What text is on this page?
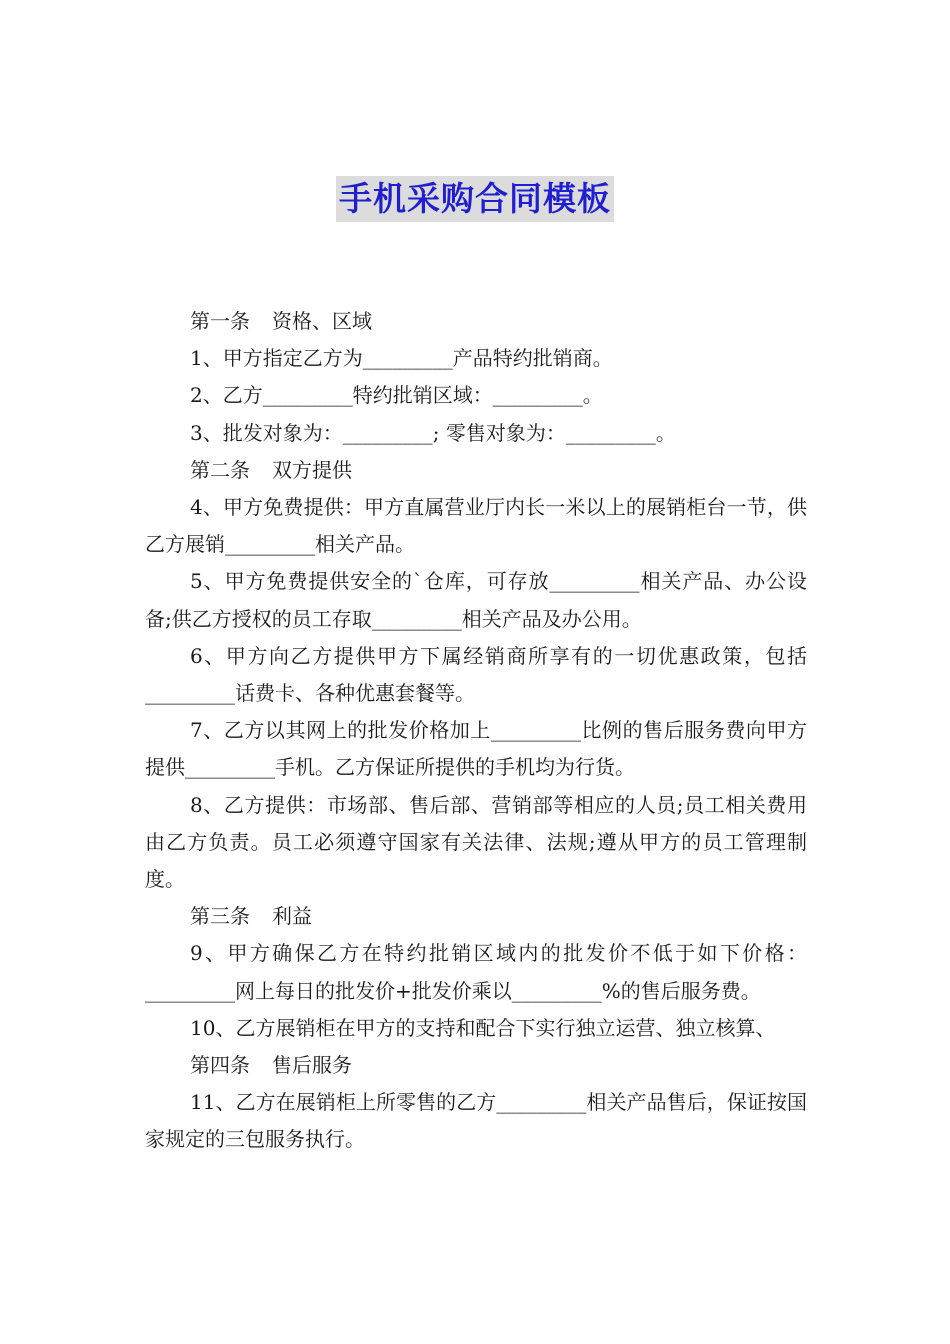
手机采购合同模板

第一条 资格、区域

1、甲方指定乙方为_________产品特约批销商。

2、乙方_________特约批销区域：_________。

3、批发对象为：_________; 零售对象为：_________。

第二条 双方提供

4、甲方免费提供：甲方直属营业厅内长一米以上的展销柜台一节，供乙方展销_________相关产品。

5、甲方免费提供安全的`仓库，可存放_________相关产品、办公设备;供乙方授权的员工存取_________相关产品及办公用。

6、甲方向乙方提供甲方下属经销商所享有的一切优惠政策，包括_________话费卡、各种优惠套餐等。

7、乙方以其网上的批发价格加上_________比例的售后服务费向甲方提供_________手机。乙方保证所提供的手机均为行货。

8、乙方提供：市场部、售后部、营销部等相应的人员;员工相关费用由乙方负责。员工必须遵守国家有关法律、法规;遵从甲方的员工管理制度。

第三条 利益

9、甲方确保乙方在特约批销区域内的批发价不低于如下价格：_________网上每日的批发价+批发价乘以_________%的售后服务费。

10、乙方展销柜在甲方的支持和配合下实行独立运营、独立核算、

第四条 售后服务

11、乙方在展销柜上所零售的乙方_________相关产品售后，保证按国家规定的三包服务执行。
